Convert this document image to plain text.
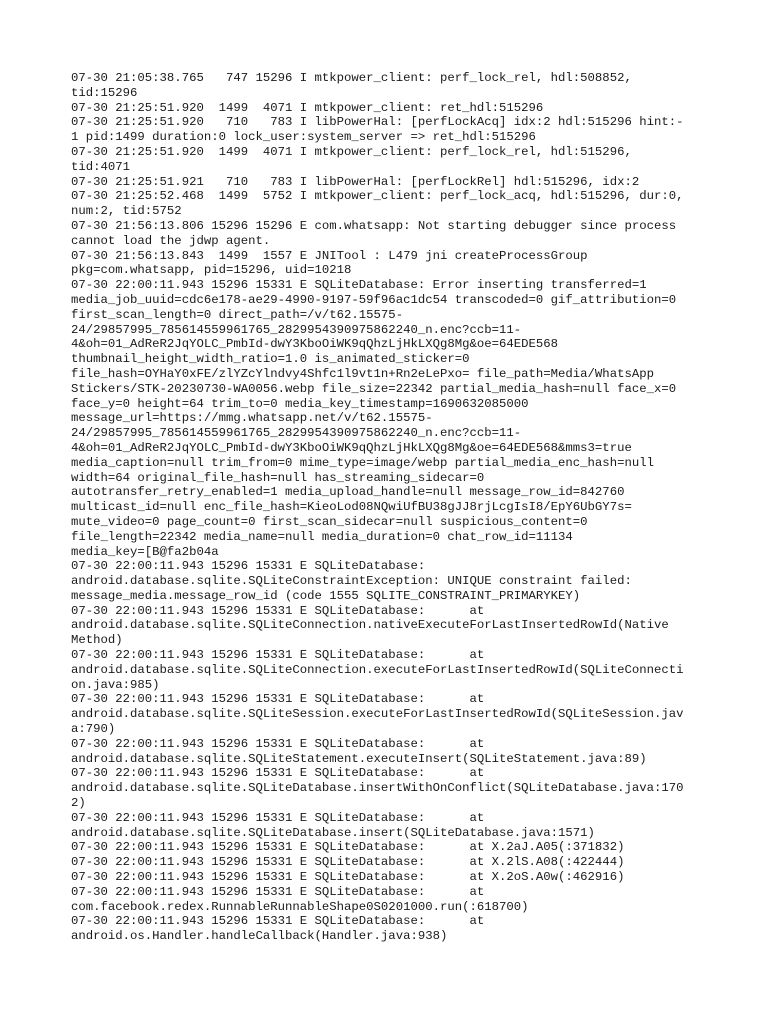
07-30 21:05:38.765   747 15296 I mtkpower_client: perf_lock_rel, hdl:508852,
tid:15296
07-30 21:25:51.920  1499  4071 I mtkpower_client: ret_hdl:515296
07-30 21:25:51.920   710   783 I libPowerHal: [perfLockAcq] idx:2 hdl:515296 hint:-
1 pid:1499 duration:0 lock_user:system_server => ret_hdl:515296
07-30 21:25:51.920  1499  4071 I mtkpower_client: perf_lock_rel, hdl:515296,
tid:4071
07-30 21:25:51.921   710   783 I libPowerHal: [perfLockRel] hdl:515296, idx:2
07-30 21:25:52.468  1499  5752 I mtkpower_client: perf_lock_acq, hdl:515296, dur:0,
num:2, tid:5752
07-30 21:56:13.806 15296 15296 E com.whatsapp: Not starting debugger since process
cannot load the jdwp agent.
07-30 21:56:13.843  1499  1557 E JNITool : L479 jni createProcessGroup
pkg=com.whatsapp, pid=15296, uid=10218
07-30 22:00:11.943 15296 15331 E SQLiteDatabase: Error inserting transferred=1
media_job_uuid=cdc6e178-ae29-4990-9197-59f96ac1dc54 transcoded=0 gif_attribution=0
first_scan_length=0 direct_path=/v/t62.15575-
24/29857995_785614559961765_2829954390975862240_n.enc?ccb=11-
4&oh=01_AdReR2JqYOLC_PmbId-dwY3KboOiWK9qQhzLjHkLXQg8Mg&oe=64EDE568
thumbnail_height_width_ratio=1.0 is_animated_sticker=0
file_hash=OYHaY0xFE/zlYZcYlndvy4Shfc1l9vt1n+Rn2eLePxo= file_path=Media/WhatsApp
Stickers/STK-20230730-WA0056.webp file_size=22342 partial_media_hash=null face_x=0
face_y=0 height=64 trim_to=0 media_key_timestamp=1690632085000
message_url=https://mmg.whatsapp.net/v/t62.15575-
24/29857995_785614559961765_2829954390975862240_n.enc?ccb=11-
4&oh=01_AdReR2JqYOLC_PmbId-dwY3KboOiWK9qQhzLjHkLXQg8Mg&oe=64EDE568&mms3=true
media_caption=null trim_from=0 mime_type=image/webp partial_media_enc_hash=null
width=64 original_file_hash=null has_streaming_sidecar=0
autotransfer_retry_enabled=1 media_upload_handle=null message_row_id=842760
multicast_id=null enc_file_hash=KieoLod08NQwiUfBU38gJJ8rjLcgIsI8/EpY6UbGY7s=
mute_video=0 page_count=0 first_scan_sidecar=null suspicious_content=0
file_length=22342 media_name=null media_duration=0 chat_row_id=11134
media_key=[B@fa2b04a
07-30 22:00:11.943 15296 15331 E SQLiteDatabase:
android.database.sqlite.SQLiteConstraintException: UNIQUE constraint failed:
message_media.message_row_id (code 1555 SQLITE_CONSTRAINT_PRIMARYKEY)
07-30 22:00:11.943 15296 15331 E SQLiteDatabase:      at
android.database.sqlite.SQLiteConnection.nativeExecuteForLastInsertedRowId(Native
Method)
07-30 22:00:11.943 15296 15331 E SQLiteDatabase:      at
android.database.sqlite.SQLiteConnection.executeForLastInsertedRowId(SQLiteConnecti
on.java:985)
07-30 22:00:11.943 15296 15331 E SQLiteDatabase:      at
android.database.sqlite.SQLiteSession.executeForLastInsertedRowId(SQLiteSession.jav
a:790)
07-30 22:00:11.943 15296 15331 E SQLiteDatabase:      at
android.database.sqlite.SQLiteStatement.executeInsert(SQLiteStatement.java:89)
07-30 22:00:11.943 15296 15331 E SQLiteDatabase:      at
android.database.sqlite.SQLiteDatabase.insertWithOnConflict(SQLiteDatabase.java:170
2)
07-30 22:00:11.943 15296 15331 E SQLiteDatabase:      at
android.database.sqlite.SQLiteDatabase.insert(SQLiteDatabase.java:1571)
07-30 22:00:11.943 15296 15331 E SQLiteDatabase:      at X.2aJ.A05(:371832)
07-30 22:00:11.943 15296 15331 E SQLiteDatabase:      at X.2lS.A08(:422444)
07-30 22:00:11.943 15296 15331 E SQLiteDatabase:      at X.2oS.A0w(:462916)
07-30 22:00:11.943 15296 15331 E SQLiteDatabase:      at
com.facebook.redex.RunnableRunnableShape0S0201000.run(:618700)
07-30 22:00:11.943 15296 15331 E SQLiteDatabase:      at
android.os.Handler.handleCallback(Handler.java:938)
